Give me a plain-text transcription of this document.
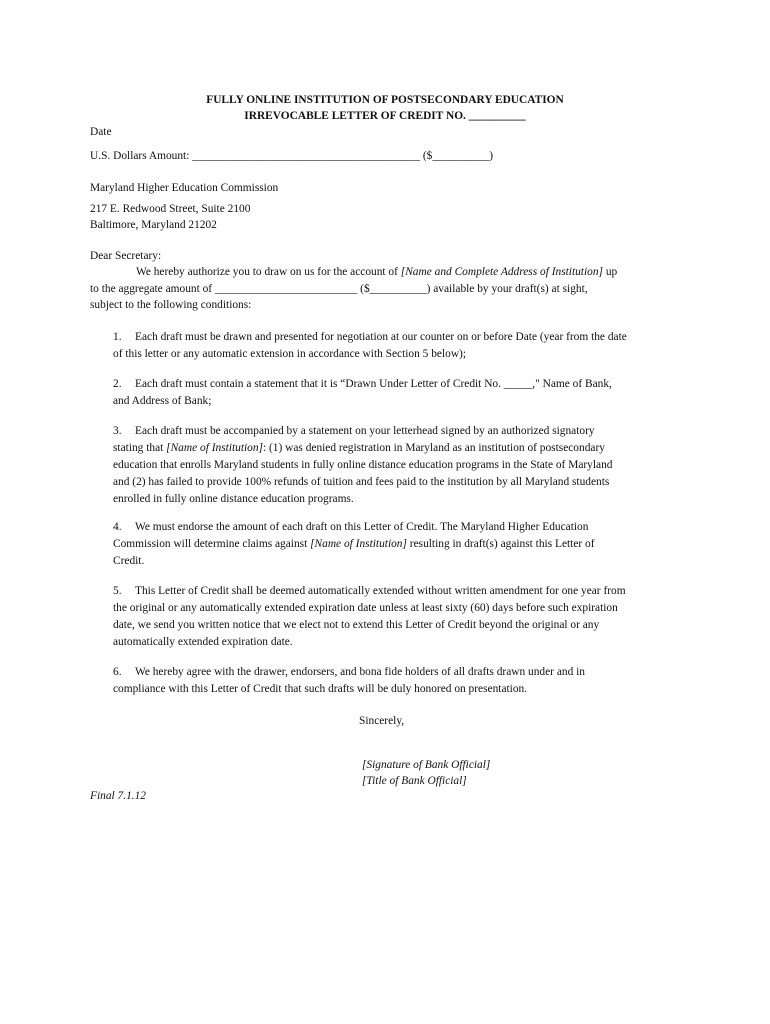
FULLY ONLINE INSTITUTION OF POSTSECONDARY EDUCATION
IRREVOCABLE LETTER OF CREDIT NO. __________
Date
U.S. Dollars Amount: ________________________________________ ($__________)
Maryland Higher Education Commission
217 E. Redwood Street, Suite 2100
Baltimore, Maryland 21202
Dear Secretary:
We hereby authorize you to draw on us for the account of [Name and Complete Address of Institution] up
to the aggregate amount of _________________________ ($__________) available by your draft(s) at sight,
subject to the following conditions:
1. Each draft must be drawn and presented for negotiation at our counter on or before Date (year from the date
of this letter or any automatic extension in accordance with Section 5 below);
2. Each draft must contain a statement that it is “Drawn Under Letter of Credit No. _____," Name of Bank,
and Address of Bank;
3. Each draft must be accompanied by a statement on your letterhead signed by an authorized signatory
stating that [Name of Institution]: (1) was denied registration in Maryland as an institution of postsecondary
education that enrolls Maryland students in fully online distance education programs in the State of Maryland
and (2) has failed to provide 100% refunds of tuition and fees paid to the institution by all Maryland students
enrolled in fully online distance education programs.
4. We must endorse the amount of each draft on this Letter of Credit. The Maryland Higher Education
Commission will determine claims against [Name of Institution] resulting in draft(s) against this Letter of
Credit.
5. This Letter of Credit shall be deemed automatically extended without written amendment for one year from
the original or any automatically extended expiration date unless at least sixty (60) days before such expiration
date, we send you written notice that we elect not to extend this Letter of Credit beyond the original or any
automatically extended expiration date.
6. We hereby agree with the drawer, endorsers, and bona fide holders of all drafts drawn under and in
compliance with this Letter of Credit that such drafts will be duly honored on presentation.
Sincerely,
[Signature of Bank Official]
[Title of Bank Official]
Final 7.1.12
